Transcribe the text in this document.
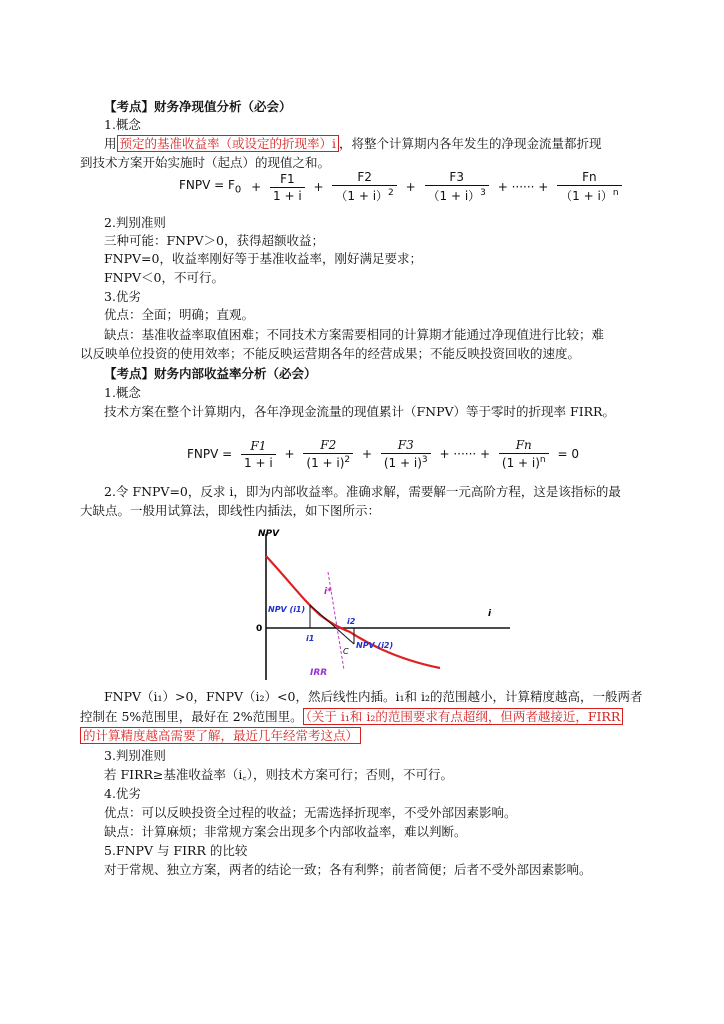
【考点】财务净现值分析（必会）
1.概念
用 预定的基准收益率（或设定的折现率）i ，将整个计算期内各年发生的净现金流量都折现
到技术方案开始实施时（起点）的现值之和。
FNPV = $F_0 + \frac{F1}{1 + i} + \frac{F2}{(1 + i)^2} + \frac{F3}{(1 + i)^3}$ + ······ + $\frac{Fn}{(1 + i)^n}$
2.判别准则
三种可能：FNPV＞0，获得超额收益；
FNPV=0，收益率刚好等于基准收益率，刚好满足要求；
FNPV＜0，不可行。
3.优劣
优点：全面；明确；直观。
缺点：基准收益率取值困难；不同技术方案需要相同的计算期才能通过净现值进行比较；难
以反映单位投资的使用效率；不能反映运营期各年的经营成果；不能反映投资回收的速度。
【考点】财务内部收益率分析（必会）
1.概念
技术方案在整个计算期内，各年净现金流量的现值累计（FNPV）等于零时的折现率 FIRR。
FNPV = $\frac{F1}{1 + i} + \frac{F2}{(1 + i)^2} + \frac{F3}{(1 + i)^3}$ + ······ + $\frac{Fn}{(1 + i)^n} = 0$
2.令 FNPV=0，反求 i，即为内部收益率。准确求解，需要解一元高阶方程，这是该指标的最
大缺点。一般用试算法，即线性内插法，如下图所示：
NPV
i
0
i*
NPV (i1)
i1
i2
NPV (i2)
C
IRR
FNPV（i₁）>0，FNPV（i₂）<0，然后线性内插。i₁和 i₂的范围越小，计算精度越高，一般两者
控制在 5%范围里，最好在 2%范围里。 （关于 i₁和 i₂的范围要求有点超纲，但两者越接近，FIRR
的计算精度越高需要了解，最近几年经常考这点）
3.判别准则
若 FIRR≥基准收益率（i꜀），则技术方案可行；否则，不可行。
4.优劣
优点：可以反映投资全过程的收益；无需选择折现率，不受外部因素影响。
缺点：计算麻烦；非常规方案会出现多个内部收益率，难以判断。
5.FNPV 与 FIRR 的比较
对于常规、独立方案，两者的结论一致；各有利弊；前者简便；后者不受外部因素影响。
